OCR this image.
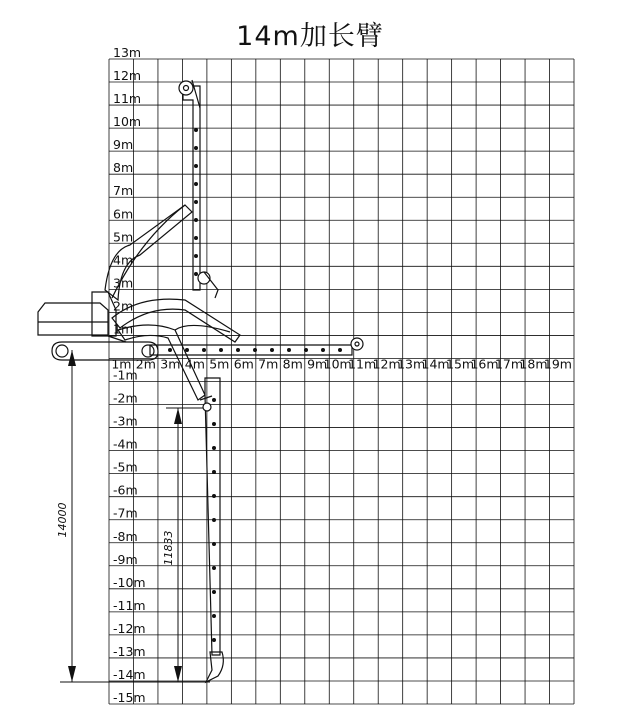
14m加长臂
13m
12m
11m
10m
9m
8m
7m
6m
5m
4m
3m
2m
1m
-1m
-2m
-3m
-4m
-5m
-6m
-7m
-8m
-9m
-10m
-11m
-12m
-13m
-14m
-15m
1m 2m 3m 4m 5m 6m 7m 8m 9m
10m
11m
12m
13m
14m
15m
16m
17m
18m
19m
14000
11833
